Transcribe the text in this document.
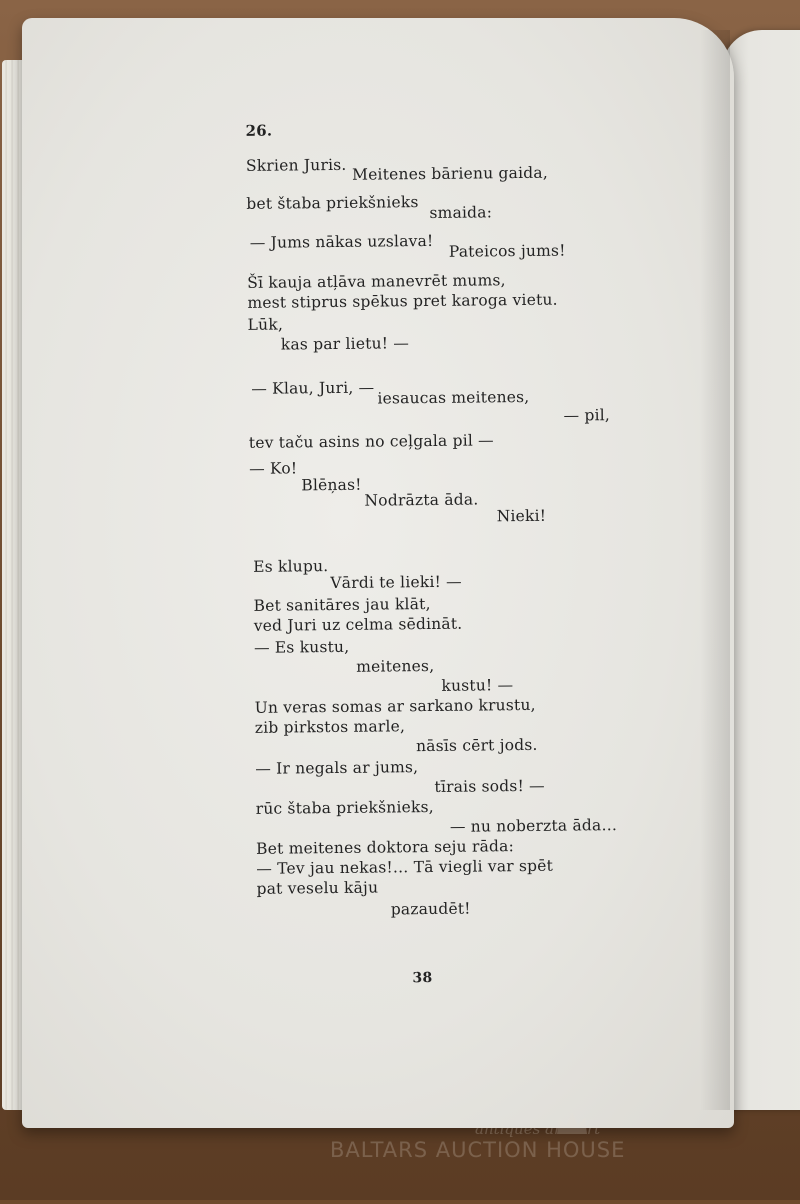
26.
Skrien Juris. Meitenes bārienu gaida,
bet štaba priekšnieks smaida:
— Jums nākas uzslava! Pateicos jums!
Šī kauja atļāva manevrēt mums,
mest stiprus spēkus pret karoga vietu.
Lūk,
kas par lietu! —
— Klau, Juri, — iesaucas meitenes,
— pil,
tev taču asins no ceļgala pil —
— Ko!
Blēņas!
Nodrāzta āda.
Nieki!
Es klupu.
Vārdi te lieki! —
Bet sanitāres jau klāt,
ved Juri uz celma sēdināt.
— Es kustu,
meitenes,
kustu! —
Un veras somas ar sarkano krustu,
zib pirkstos marle,
nāsīs cērt jods.
— Ir negals ar jums,
tīrais sods! —
rūc štaba priekšnieks,
— nu noberzta āda…
Bet meitenes doktora seju rāda:
— Tev jau nekas!… Tā viegli var spēt
pat veselu kāju
pazaudēt!
38
antiques and art
BALTARS AUCTION HOUSE
